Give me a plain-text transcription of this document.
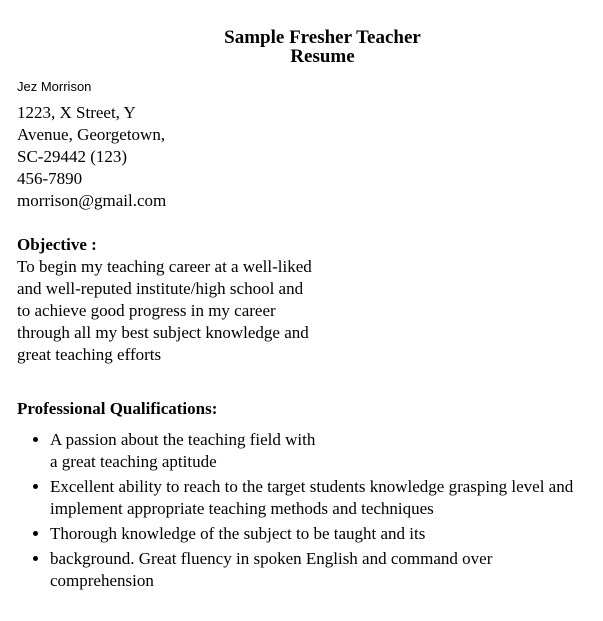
Sample Fresher Teacher
Resume
Jez Morrison
1223, X Street, Y
Avenue, Georgetown,
SC-29442 (123)
456-7890
morrison@gmail.com
Objective :
To begin my teaching career at a well-liked
and well-reputed institute/high school and
to achieve good progress in my career
through all my best subject knowledge and
great teaching efforts
Professional Qualifications:
• A passion about the teaching field with
a great teaching aptitude
• Excellent ability to reach to the target students knowledge grasping level and
implement appropriate teaching methods and techniques
• Thorough knowledge of the subject to be taught and its
• background. Great fluency in spoken English and command over
comprehension
